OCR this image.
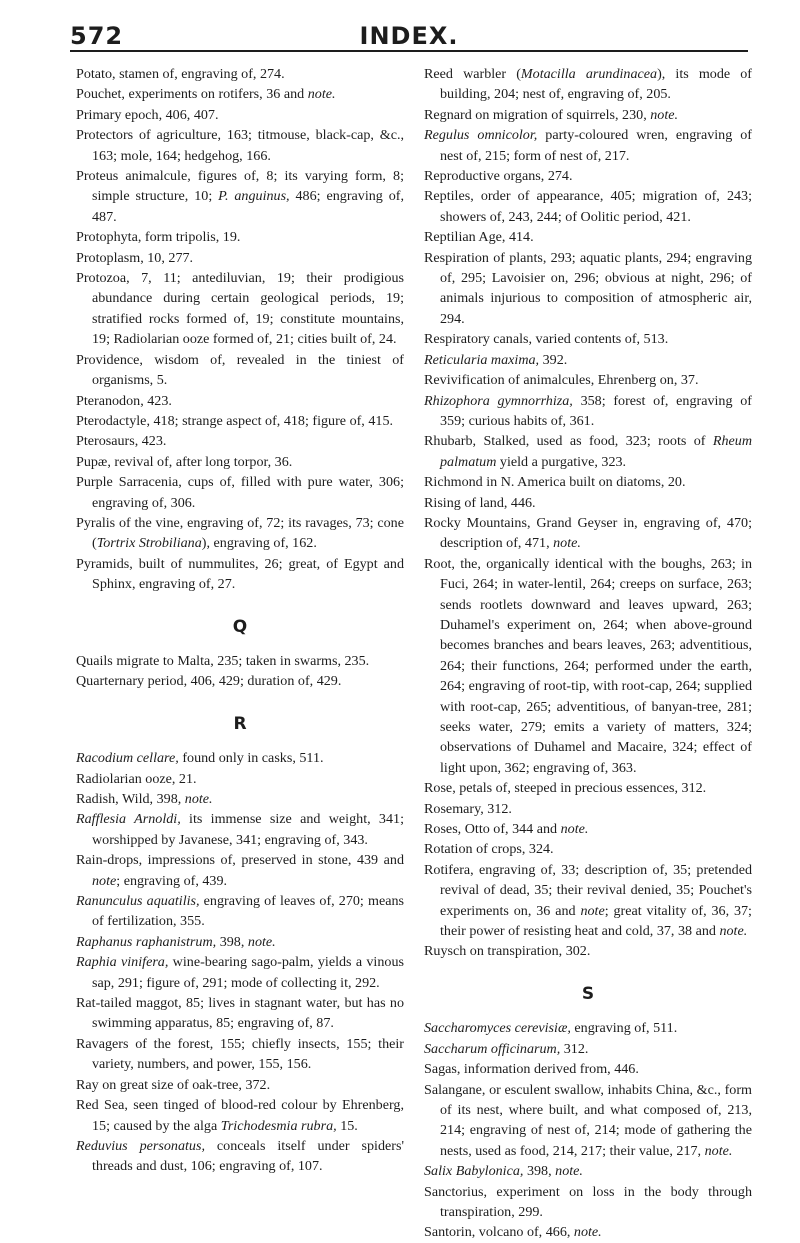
572	INDEX.

Potato, stamen of, engraving of, 274.

Pouchet, experiments on rotifers, 36 and note.

Primary epoch, 406, 407.

Protectors of agriculture, 163; titmouse, black-cap, &c., 163; mole, 164; hedgehog, 166.

Proteus animalcule, figures of, 8; its varying form, 8; simple structure, 10; P. anguinus, 486; engraving of, 487.

Protophyta, form tripolis, 19.

Protoplasm, 10, 277.

Protozoa, 7, 11; antediluvian, 19; their prodigious abundance during certain geological periods, 19; stratified rocks formed of, 19; constitute mountains, 19; Radiolarian ooze formed of, 21; cities built of, 24.

Providence, wisdom of, revealed in the tiniest of organisms, 5.

Pteranodon, 423.

Pterodactyle, 418; strange aspect of, 418; figure of, 415.

Pterosaurs, 423.

Pupæ, revival of, after long torpor, 36.

Purple Sarracenia, cups of, filled with pure water, 306; engraving of, 306.

Pyralis of the vine, engraving of, 72; its ravages, 73; cone (Tortrix Strobiliana), engraving of, 162.

Pyramids, built of nummulites, 26; great, of Egypt and Sphinx, engraving of, 27.

Q

Quails migrate to Malta, 235; taken in swarms, 235.

Quarternary period, 406, 429; duration of, 429.

R

Racodium cellare, found only in casks, 511.

Radiolarian ooze, 21.

Radish, Wild, 398, note.

Rafflesia Arnoldi, its immense size and weight, 341; worshipped by Javanese, 341; engraving of, 343.

Rain-drops, impressions of, preserved in stone, 439 and note; engraving of, 439.

Ranunculus aquatilis, engraving of leaves of, 270; means of fertilization, 355.

Raphanus raphanistrum, 398, note.

Raphia vinifera, wine-bearing sago-palm, yields a vinous sap, 291; figure of, 291; mode of collecting it, 292.

Rat-tailed maggot, 85; lives in stagnant water, but has no swimming apparatus, 85; engraving of, 87.

Ravagers of the forest, 155; chiefly insects, 155; their variety, numbers, and power, 155, 156.

Ray on great size of oak-tree, 372.

Red Sea, seen tinged of blood-red colour by Ehrenberg, 15; caused by the alga Trichodesmia rubra, 15.

Reduvius personatus, conceals itself under spiders' threads and dust, 106; engraving of, 107.

Reed warbler (Motacilla arundinacea), its mode of building, 204; nest of, engraving of, 205.

Regnard on migration of squirrels, 230, note.

Regulus omnicolor, party-coloured wren, engraving of nest of, 215; form of nest of, 217.

Reproductive organs, 274.

Reptiles, order of appearance, 405; migration of, 243; showers of, 243, 244; of Oolitic period, 421.

Reptilian Age, 414.

Respiration of plants, 293; aquatic plants, 294; engraving of, 295; Lavoisier on, 296; obvious at night, 296; of animals injurious to composition of atmospheric air, 294.

Respiratory canals, varied contents of, 513.

Reticularia maxima, 392.

Revivification of animalcules, Ehrenberg on, 37.

Rhizophora gymnorrhiza, 358; forest of, engraving of 359; curious habits of, 361.

Rhubarb, Stalked, used as food, 323; roots of Rheum palmatum yield a purgative, 323.

Richmond in N. America built on diatoms, 20.

Rising of land, 446.

Rocky Mountains, Grand Geyser in, engraving of, 470; description of, 471, note.

Root, the, organically identical with the boughs, 263; in Fuci, 264; in water-lentil, 264; creeps on surface, 263; sends rootlets downward and leaves upward, 263; Duhamel's experiment on, 264; when above-ground becomes branches and bears leaves, 263; adventitious, 264; their functions, 264; performed under the earth, 264; engraving of root-tip, with root-cap, 264; supplied with root-cap, 265; adventitious, of banyan-tree, 281; seeks water, 279; emits a variety of matters, 324; observations of Duhamel and Macaire, 324; effect of light upon, 362; engraving of, 363.

Rose, petals of, steeped in precious essences, 312.

Rosemary, 312.

Roses, Otto of, 344 and note.

Rotation of crops, 324.

Rotifera, engraving of, 33; description of, 35; pretended revival of dead, 35; their revival denied, 35; Pouchet's experiments on, 36 and note; great vitality of, 36, 37; their power of resisting heat and cold, 37, 38 and note.

Ruysch on transpiration, 302.

S

Saccharomyces cerevisiæ, engraving of, 511.

Saccharum officinarum, 312.

Sagas, information derived from, 446.

Salangane, or esculent swallow, inhabits China, &c., form of its nest, where built, and what composed of, 213, 214; engraving of nest of, 214; mode of gathering the nests, used as food, 214, 217; their value, 217, note.

Salix Babylonica, 398, note.

Sanctorius, experiment on loss in the body through transpiration, 299.

Santorin, volcano of, 466, note.
